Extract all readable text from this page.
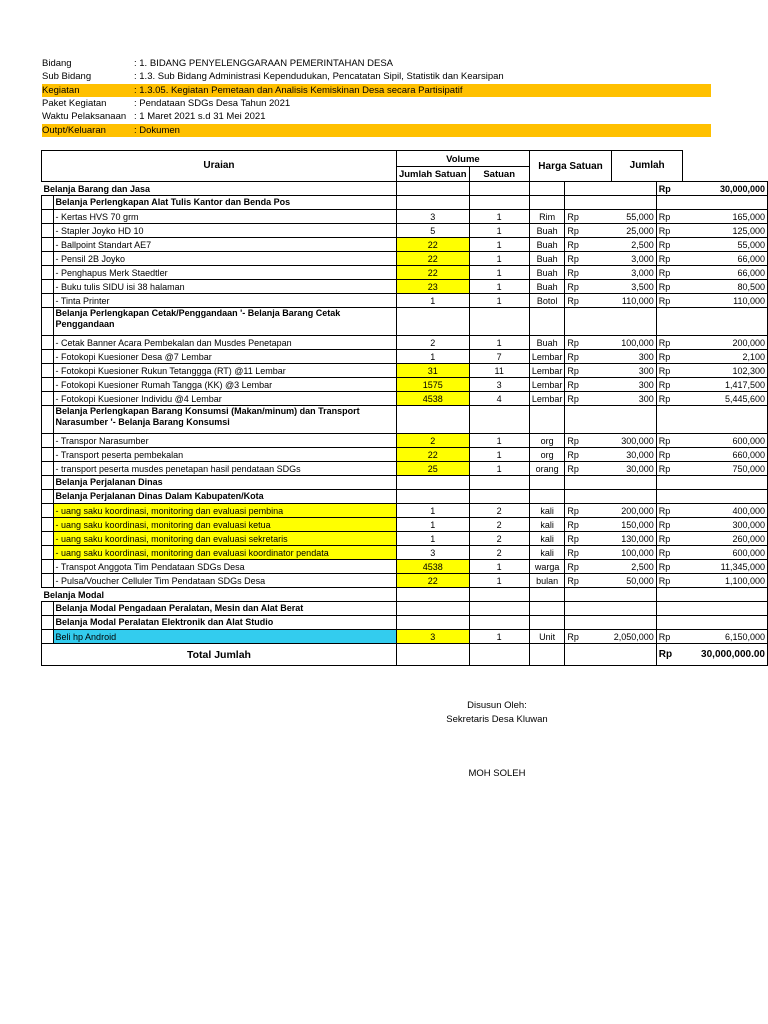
Bidang	: 1. BIDANG PENYELENGGARAAN PEMERINTAHAN DESA
Sub Bidang	: 1.3. Sub Bidang Administrasi Kependudukan, Pencatatan Sipil, Statistik dan Kearsipan
Kegiatan	: 1.3.05. Kegiatan Pemetaan dan Analisis Kemiskinan Desa secara Partisipatif
Paket Kegiatan	: Pendataan SDGs Desa Tahun 2021
Waktu Pelaksanaan : 1 Maret 2021 s.d 31 Mei 2021
Outpt/Keluaran	: Dokumen
Uraian		Volume		Harga Satuan		Jumlah		
		Jumlah Satuan	Satuan					
Belanja Barang dan Jasa							Rp	30,000,000
	Belanja Perlengkapan Alat Tulis Kantor dan Benda Pos							
	- Kertas HVS 70 grm	3	1	Rim	Rp	55,000	Rp	165,000
	- Stapler Joyko HD 10	5	1	Buah	Rp	25,000	Rp	125,000
	- Ballpoint Standart AE7	22	1	Buah	Rp	2,500	Rp	55,000
	- Pensil 2B Joyko	22	1	Buah	Rp	3,000	Rp	66,000
	- Penghapus Merk Staedtler	22	1	Buah	Rp	3,000	Rp	66,000
	- Buku tulis SIDU isi 38 halaman	23	1	Buah	Rp	3,500	Rp	80,500
	- Tinta Printer	1	1	Botol	Rp	110,000	Rp	110,000
	Belanja Perlengkapan Cetak/Penggandaan '- Belanja Barang Cetak Penggandaan							
	- Cetak Banner Acara Pembekalan dan Musdes Penetapan	2	1	Buah	Rp	100,000	Rp	200,000
	- Fotokopi Kuesioner Desa @7 Lembar	1	7	Lembar	Rp	300	Rp	2,100
	- Fotokopi Kuesioner Rukun Tetanggga (RT) @11 Lembar	31	11	Lembar	Rp	300	Rp	102,300
	- Fotokopi Kuesioner Rumah Tangga (KK) @3 Lembar	1575	3	Lembar	Rp	300	Rp	1,417,500
	- Fotokopi Kuesioner Individu @4 Lembar	4538	4	Lembar	Rp	300	Rp	5,445,600
	Belanja Perlengkapan Barang Konsumsi (Makan/minum) dan Transport Narasumber '- Belanja Barang Konsumsi							
	- Transpor Narasumber	2	1	org	Rp	300,000	Rp	600,000
	- Transport peserta pembekalan	22	1	org	Rp	30,000	Rp	660,000
	- transport peserta musdes penetapan hasil pendataan SDGs	25	1	orang	Rp	30,000	Rp	750,000
	Belanja Perjalanan Dinas							
	Belanja Perjalanan Dinas Dalam Kabupaten/Kota							
	- uang saku koordinasi, monitoring dan evaluasi pembina	1	2	kali	Rp	200,000	Rp	400,000
	- uang saku koordinasi, monitoring dan evaluasi ketua	1	2	kali	Rp	150,000	Rp	300,000
	- uang saku koordinasi, monitoring dan evaluasi sekretaris	1	2	kali	Rp	130,000	Rp	260,000
	- uang saku koordinasi, monitoring dan evaluasi koordinator pendata	3	2	kali	Rp	100,000	Rp	600,000
	- Transpot Anggota Tim Pendataan SDGs Desa	4538	1	warga	Rp	2,500	Rp	11,345,000
	- Pulsa/Voucher Celluler Tim Pendataan SDGs Desa	22	1	bulan	Rp	50,000	Rp	1,100,000
Belanja Modal								
	Belanja Modal Pengadaan Peralatan, Mesin dan Alat Berat							
	Belanja Modal Peralatan Elektronik dan Alat Studio							
	Beli hp Android	3	1	Unit	Rp	2,050,000	Rp	6,150,000
Total Jumlah							Rp	30,000,000.00
Disusun Oleh:
Sekretaris Desa Kluwan
MOH SOLEH
